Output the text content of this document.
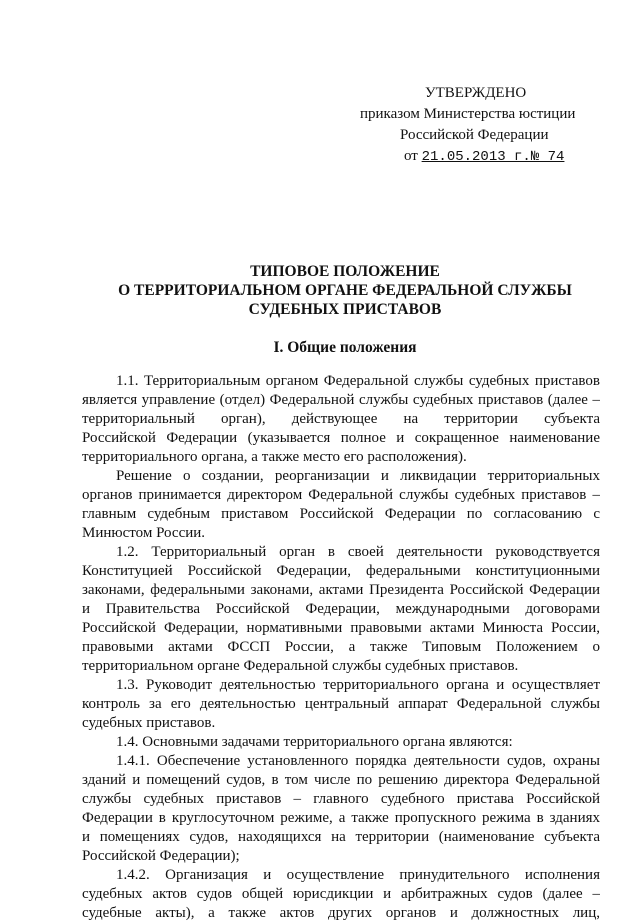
УТВЕРЖДЕНО
приказом Министерства юстиции
Российской Федерации
от 21.05.2013 г.№ 74
ТИПОВОЕ ПОЛОЖЕНИЕ
О ТЕРРИТОРИАЛЬНОМ ОРГАНЕ ФЕДЕРАЛЬНОЙ СЛУЖБЫ
СУДЕБНЫХ ПРИСТАВОВ
I. Общие положения
1.1. Территориальным органом Федеральной службы судебных приставов
является управление (отдел) Федеральной службы судебных приставов (далее –
территориальный орган), действующее на территории субъекта
Российской Федерации (указывается полное и сокращенное наименование
территориального органа, а также место его расположения).
Решение о создании, реорганизации и ликвидации территориальных
органов принимается директором Федеральной службы судебных приставов –
главным судебным приставом Российской Федерации по согласованию с
Минюстом России.
1.2. Территориальный орган в своей деятельности руководствуется
Конституцией Российской Федерации, федеральными конституционными
законами, федеральными законами, актами Президента Российской Федерации
и Правительства Российской Федерации, международными договорами
Российской Федерации, нормативными правовыми актами Минюста России,
правовыми актами ФССП России, а также Типовым Положением о
территориальном органе Федеральной службы судебных приставов.
1.3. Руководит деятельностью территориального органа и осуществляет
контроль за его деятельностью центральный аппарат Федеральной службы
судебных приставов.
1.4. Основными задачами территориального органа являются:
1.4.1. Обеспечение установленного порядка деятельности судов, охраны
зданий и помещений судов, в том числе по решению директора Федеральной
службы судебных приставов – главного судебного пристава Российской
Федерации в круглосуточном режиме, а также пропускного режима в зданиях
и помещениях судов, находящихся на территории (наименование субъекта
Российской Федерации);
1.4.2. Организация и осуществление принудительного исполнения
судебных актов судов общей юрисдикции и арбитражных судов (далее –
судебные акты), а также актов других органов и должностных лиц,
